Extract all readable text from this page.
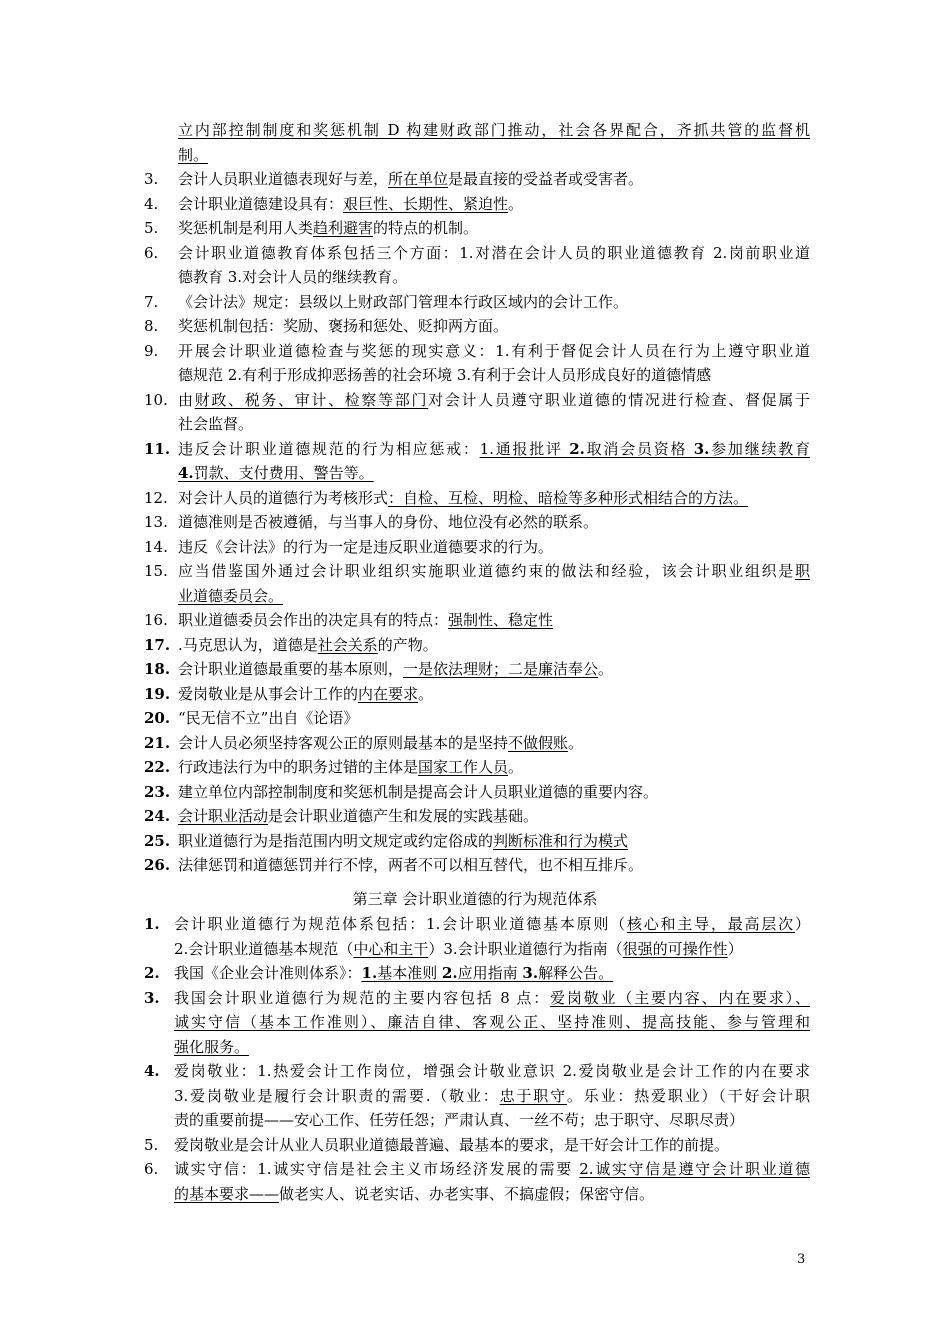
立内部控制制度和奖惩机制 D 构建财政部门推动，社会各界配合，齐抓共管的监督机
制。
3.	会计人员职业道德表现好与差，所在单位是最直接的受益者或受害者。
4.	会计职业道德建设具有：艰巨性、长期性、紧迫性。
5.	奖惩机制是利用人类趋利避害的特点的机制。
6.	会计职业道德教育体系包括三个方面：1.对潜在会计人员的职业道德教育 2.岗前职业道
德教育 3.对会计人员的继续教育。
7.	《会计法》规定：县级以上财政部门管理本行政区域内的会计工作。
8.	奖惩机制包括：奖励、褒扬和惩处、贬抑两方面。
9.	开展会计职业道德检查与奖惩的现实意义：1.有利于督促会计人员在行为上遵守职业道
德规范 2.有利于形成抑恶扬善的社会环境 3.有利于会计人员形成良好的道德情感
10. 由财政、税务、审计、检察等部门对会计人员遵守职业道德的情况进行检查、督促属于
社会监督。
11. 违反会计职业道德规范的行为相应惩戒：1.通报批评 2.取消会员资格 3.参加继续教育
4.罚款、支付费用、警告等。
12. 对会计人员的道德行为考核形式：自检、互检、明检、暗检等多种形式相结合的方法。
13. 道德准则是否被遵循，与当事人的身份、地位没有必然的联系。
14. 违反《会计法》的行为一定是违反职业道德要求的行为。
15. 应当借鉴国外通过会计职业组织实施职业道德约束的做法和经验，该会计职业组织是职
业道德委员会。
16. 职业道德委员会作出的决定具有的特点：强制性、稳定性
17. .马克思认为，道德是社会关系的产物。
18. 会计职业道德最重要的基本原则，一是依法理财；二是廉洁奉公。
19. 爱岗敬业是从事会计工作的内在要求。
20. “民无信不立”出自《论语》
21. 会计人员必须坚持客观公正的原则最基本的是坚持不做假账。
22. 行政违法行为中的职务过错的主体是国家工作人员。
23. 建立单位内部控制制度和奖惩机制是提高会计人员职业道德的重要内容。
24. 会计职业活动是会计职业道德产生和发展的实践基础。
25. 职业道德行为是指范围内明文规定或约定俗成的判断标准和行为模式
26. 法律惩罚和道德惩罚并行不悖，两者不可以相互替代，也不相互排斥。
第三章 会计职业道德的行为规范体系
1. 会计职业道德行为规范体系包括：1.会计职业道德基本原则（核心和主导，最高层次）
2.会计职业道德基本规范（中心和主干）3.会计职业道德行为指南（很强的可操作性）
2. 我国《企业会计准则体系》：1.基本准则 2.应用指南 3.解释公告。
3. 我国会计职业道德行为规范的主要内容包括 8 点：爱岗敬业（主要内容、内在要求）、
诚实守信（基本工作准则）、廉洁自律、客观公正、坚持准则、提高技能、参与管理和
强化服务。
4. 爱岗敬业：1.热爱会计工作岗位，增强会计敬业意识 2.爱岗敬业是会计工作的内在要求
3.爱岗敬业是履行会计职责的需要.（敬业：忠于职守。乐业：热爱职业）（干好会计职
责的重要前提——安心工作、任劳任怨；严肃认真、一丝不苟；忠于职守、尽职尽责）
5.	爱岗敬业是会计从业人员职业道德最普遍、最基本的要求，是干好会计工作的前提。
6.	诚实守信：1.诚实守信是社会主义市场经济发展的需要 2.诚实守信是遵守会计职业道德
的基本要求——做老实人、说老实话、办老实事、不搞虚假；保密守信。
3
